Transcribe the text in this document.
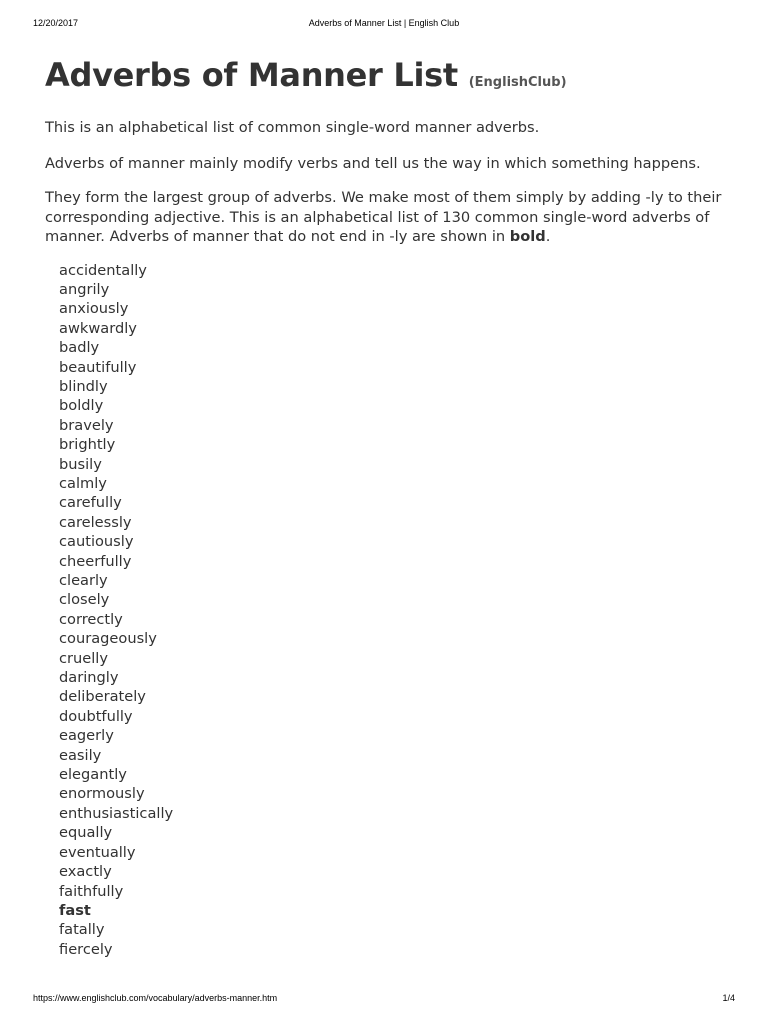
12/20/2017	Adverbs of Manner List | English Club
Adverbs of Manner List (EnglishClub)

This is an alphabetical list of common single-word manner adverbs.

Adverbs of manner mainly modify verbs and tell us the way in which something happens.

They form the largest group of adverbs. We make most of them simply by adding -ly to their corresponding adjective. This is an alphabetical list of 130 common single-word adverbs of manner. Adverbs of manner that do not end in -ly are shown in bold.

accidentally
angrily
anxiously
awkwardly
badly
beautifully
blindly
boldly
bravely
brightly
busily
calmly
carefully
carelessly
cautiously
cheerfully
clearly
closely
correctly
courageously
cruelly
daringly
deliberately
doubtfully
eagerly
easily
elegantly
enormously
enthusiastically
equally
eventually
exactly
faithfully
fast
fatally
fiercely
https://www.englishclub.com/vocabulary/adverbs-manner.htm	1/4
